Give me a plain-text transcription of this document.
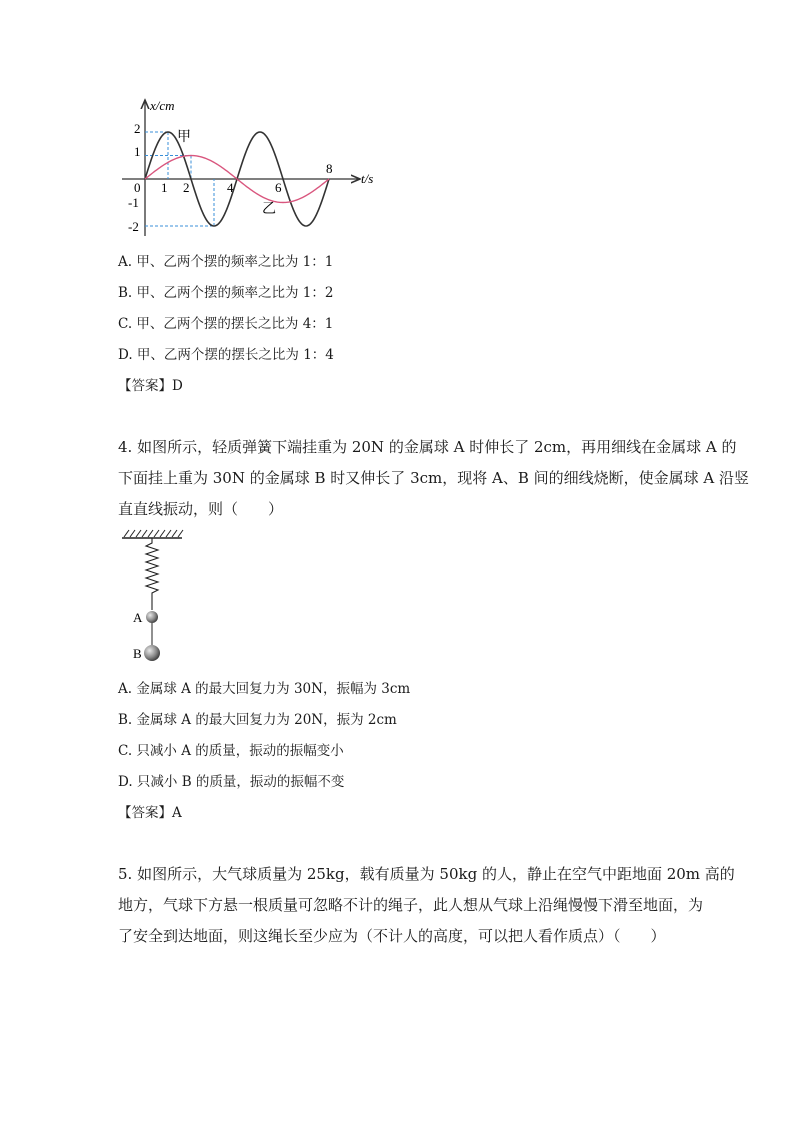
x/cm
t/s
2
1
-1
-2
0 1 2	4	6
8
甲
乙
A. 甲、乙两个摆的频率之比为 1：1
B. 甲、乙两个摆的频率之比为 1：2
C. 甲、乙两个摆的摆长之比为 4：1
D. 甲、乙两个摆的摆长之比为 1：4
【答案】D
4. 如图所示，轻质弹簧下端挂重为 20N 的金属球 A 时伸长了 2cm，再用细线在金属球 A 的
下面挂上重为 30N 的金属球 B 时又伸长了 3cm，现将 A、B 间的细线烧断，使金属球 A 沿竖
直直线振动，则（　　）
A
B
A. 金属球 A 的最大回复力为 30N，振幅为 3cm
B. 金属球 A 的最大回复力为 20N，振为 2cm
C. 只减小 A 的质量，振动的振幅变小
D. 只减小 B 的质量，振动的振幅不变
【答案】A
5. 如图所示，大气球质量为 25kg，载有质量为 50kg 的人，静止在空气中距地面 20m 高的
地方，气球下方悬一根质量可忽略不计的绳子，此人想从气球上沿绳慢慢下滑至地面，为
了安全到达地面，则这绳长至少应为（不计人的高度，可以把人看作质点）（　　）
